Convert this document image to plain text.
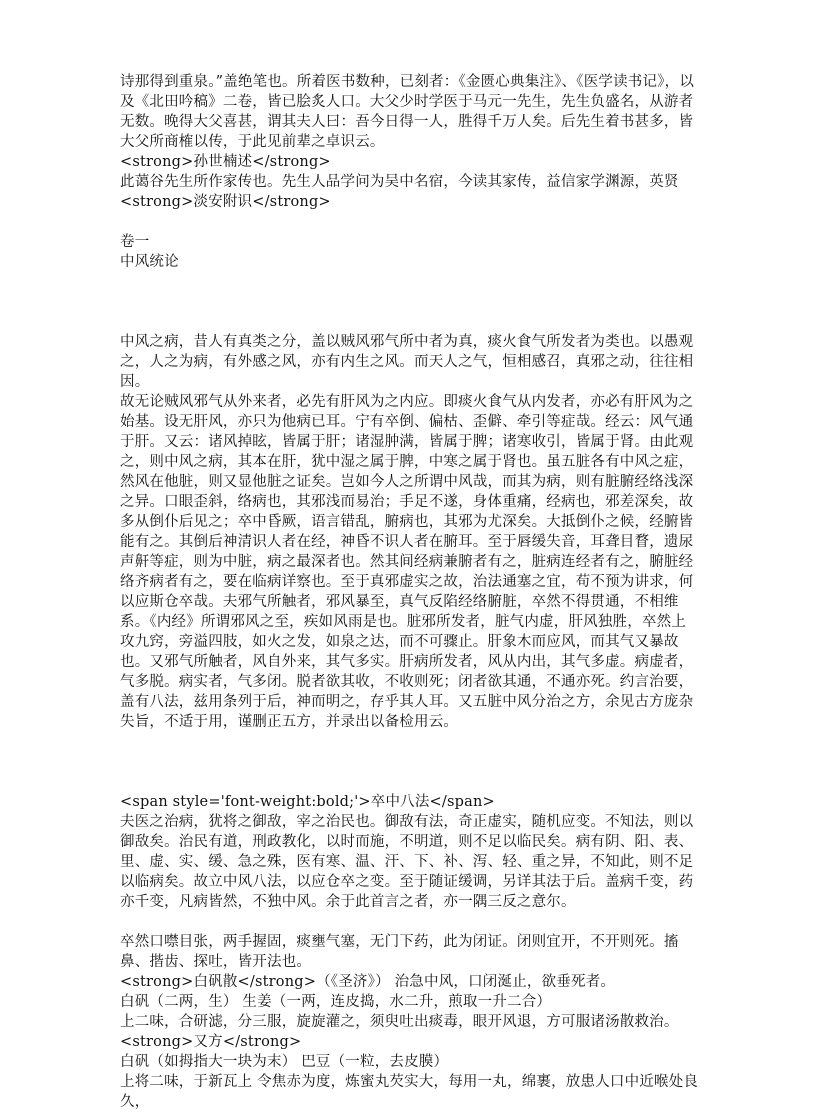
诗那得到重泉。”盖绝笔也。所着医书数种，已刻者：《金匮心典集注》、《医学读书记》，以及《北田吟稿》二卷，皆已脍炙人口。大父少时学医于马元一先生，先生负盛名，从游者无数。晚得大父喜甚，谓其夫人曰：吾今日得一人，胜得千万人矣。后先生着书甚多，皆大父所商榷以传，于此见前辈之卓识云。
<strong>孙世楠述</strong>
此蔼谷先生所作家传也。先生人品学问为吴中名宿，今读其家传，益信家学渊源，英贤
<strong>淡安附识</strong>
卷一
中风统论
中风之病，昔人有真类之分，盖以贼风邪气所中者为真，痰火食气所发者为类也。以愚观之，人之为病，有外感之风，亦有内生之风。而天人之气，恒相感召，真邪之动，往往相因。
故无论贼风邪气从外来者，必先有肝风为之内应。即痰火食气从内发者，亦必有肝风为之始基。设无肝风，亦只为他病已耳。宁有卒倒、偏枯、歪僻、牵引等症哉。经云：风气通于肝。又云：诸风掉眩，皆属于肝；诸湿肿满，皆属于脾；诸寒收引，皆属于肾。由此观之，则中风之病，其本在肝，犹中湿之属于脾，中寒之属于肾也。虽五脏各有中风之症，然风在他脏，则又显他脏之证矣。岂如今人之所谓中风哉，而其为病，则有脏腑经络浅深之异。口眼歪斜，络病也，其邪浅而易治；手足不遂，身体重痛，经病也，邪差深矣，故多从倒仆后见之；卒中昏厥，语言错乱，腑病也，其邪为尤深矣。大抵倒仆之候，经腑皆能有之。其倒后神清识人者在经，神昏不识人者在腑耳。至于唇缓失音，耳聋目瞀，遗尿声鼾等症，则为中脏，病之最深者也。然其间经病兼腑者有之，脏病连经者有之，腑脏经络齐病者有之，要在临病详察也。至于真邪虚实之故，治法通塞之宜，苟不预为讲求，何以应斯仓卒哉。夫邪气所触者，邪风暴至，真气反陷经络腑脏，卒然不得贯通，不相维系。《内经》所谓邪风之至，疾如风雨是也。脏邪所发者，脏气内虚，肝风独胜，卒然上攻九窍，旁溢四肢，如火之发，如泉之达，而不可骤止。肝象木而应风，而其气又暴故也。又邪气所触者，风自外来，其气多实。肝病所发者，风从内出，其气多虚。病虚者，气多脱。病实者，气多闭。脱者欲其收，不收则死；闭者欲其通，不通亦死。约言治要，盖有八法，兹用条列于后，神而明之，存乎其人耳。又五脏中风分治之方，余见古方庞杂失旨，不适于用，谨删正五方，并录出以备检用云。
<span style='font-weight:bold;'>卒中八法</span>
夫医之治病，犹将之御敌，宰之治民也。御敌有法，奇正虚实，随机应变。不知法，则以御敌矣。治民有道，刑政教化，以时而施，不明道，则不足以临民矣。病有阴、阳、表、里、虚、实、缓、急之殊，医有寒、温、汗、下、补、泻、轻、重之异，不知此，则不足以临病矣。故立中风八法，以应仓卒之变。至于随证缓调，另详其法于后。盖病千变，药亦千变，凡病皆然，不独中风。余于此首言之者，亦一隅三反之意尔。
卒然口噤目张，两手握固，痰壅气塞，无门下药，此为闭证。闭则宜开，不开则死。搐鼻、揩齿、探吐，皆开法也。
<strong>白矾散</strong>（《圣济》） 治急中风，口闭涎止，欲垂死者。
白矾（二两，生） 生姜（一两，连皮捣，水二升，煎取一升二合）
上二味，合研滤，分三服，旋旋灌之，须臾吐出痰毒，眼开风退，方可服诸汤散救治。
<strong>又方</strong>
白矾（如拇指大一块为末） 巴豆（一粒，去皮膜）
上将二味，于新瓦上 令焦赤为度，炼蜜丸芡实大，每用一丸，绵裹，放患人口中近喉处良久，
